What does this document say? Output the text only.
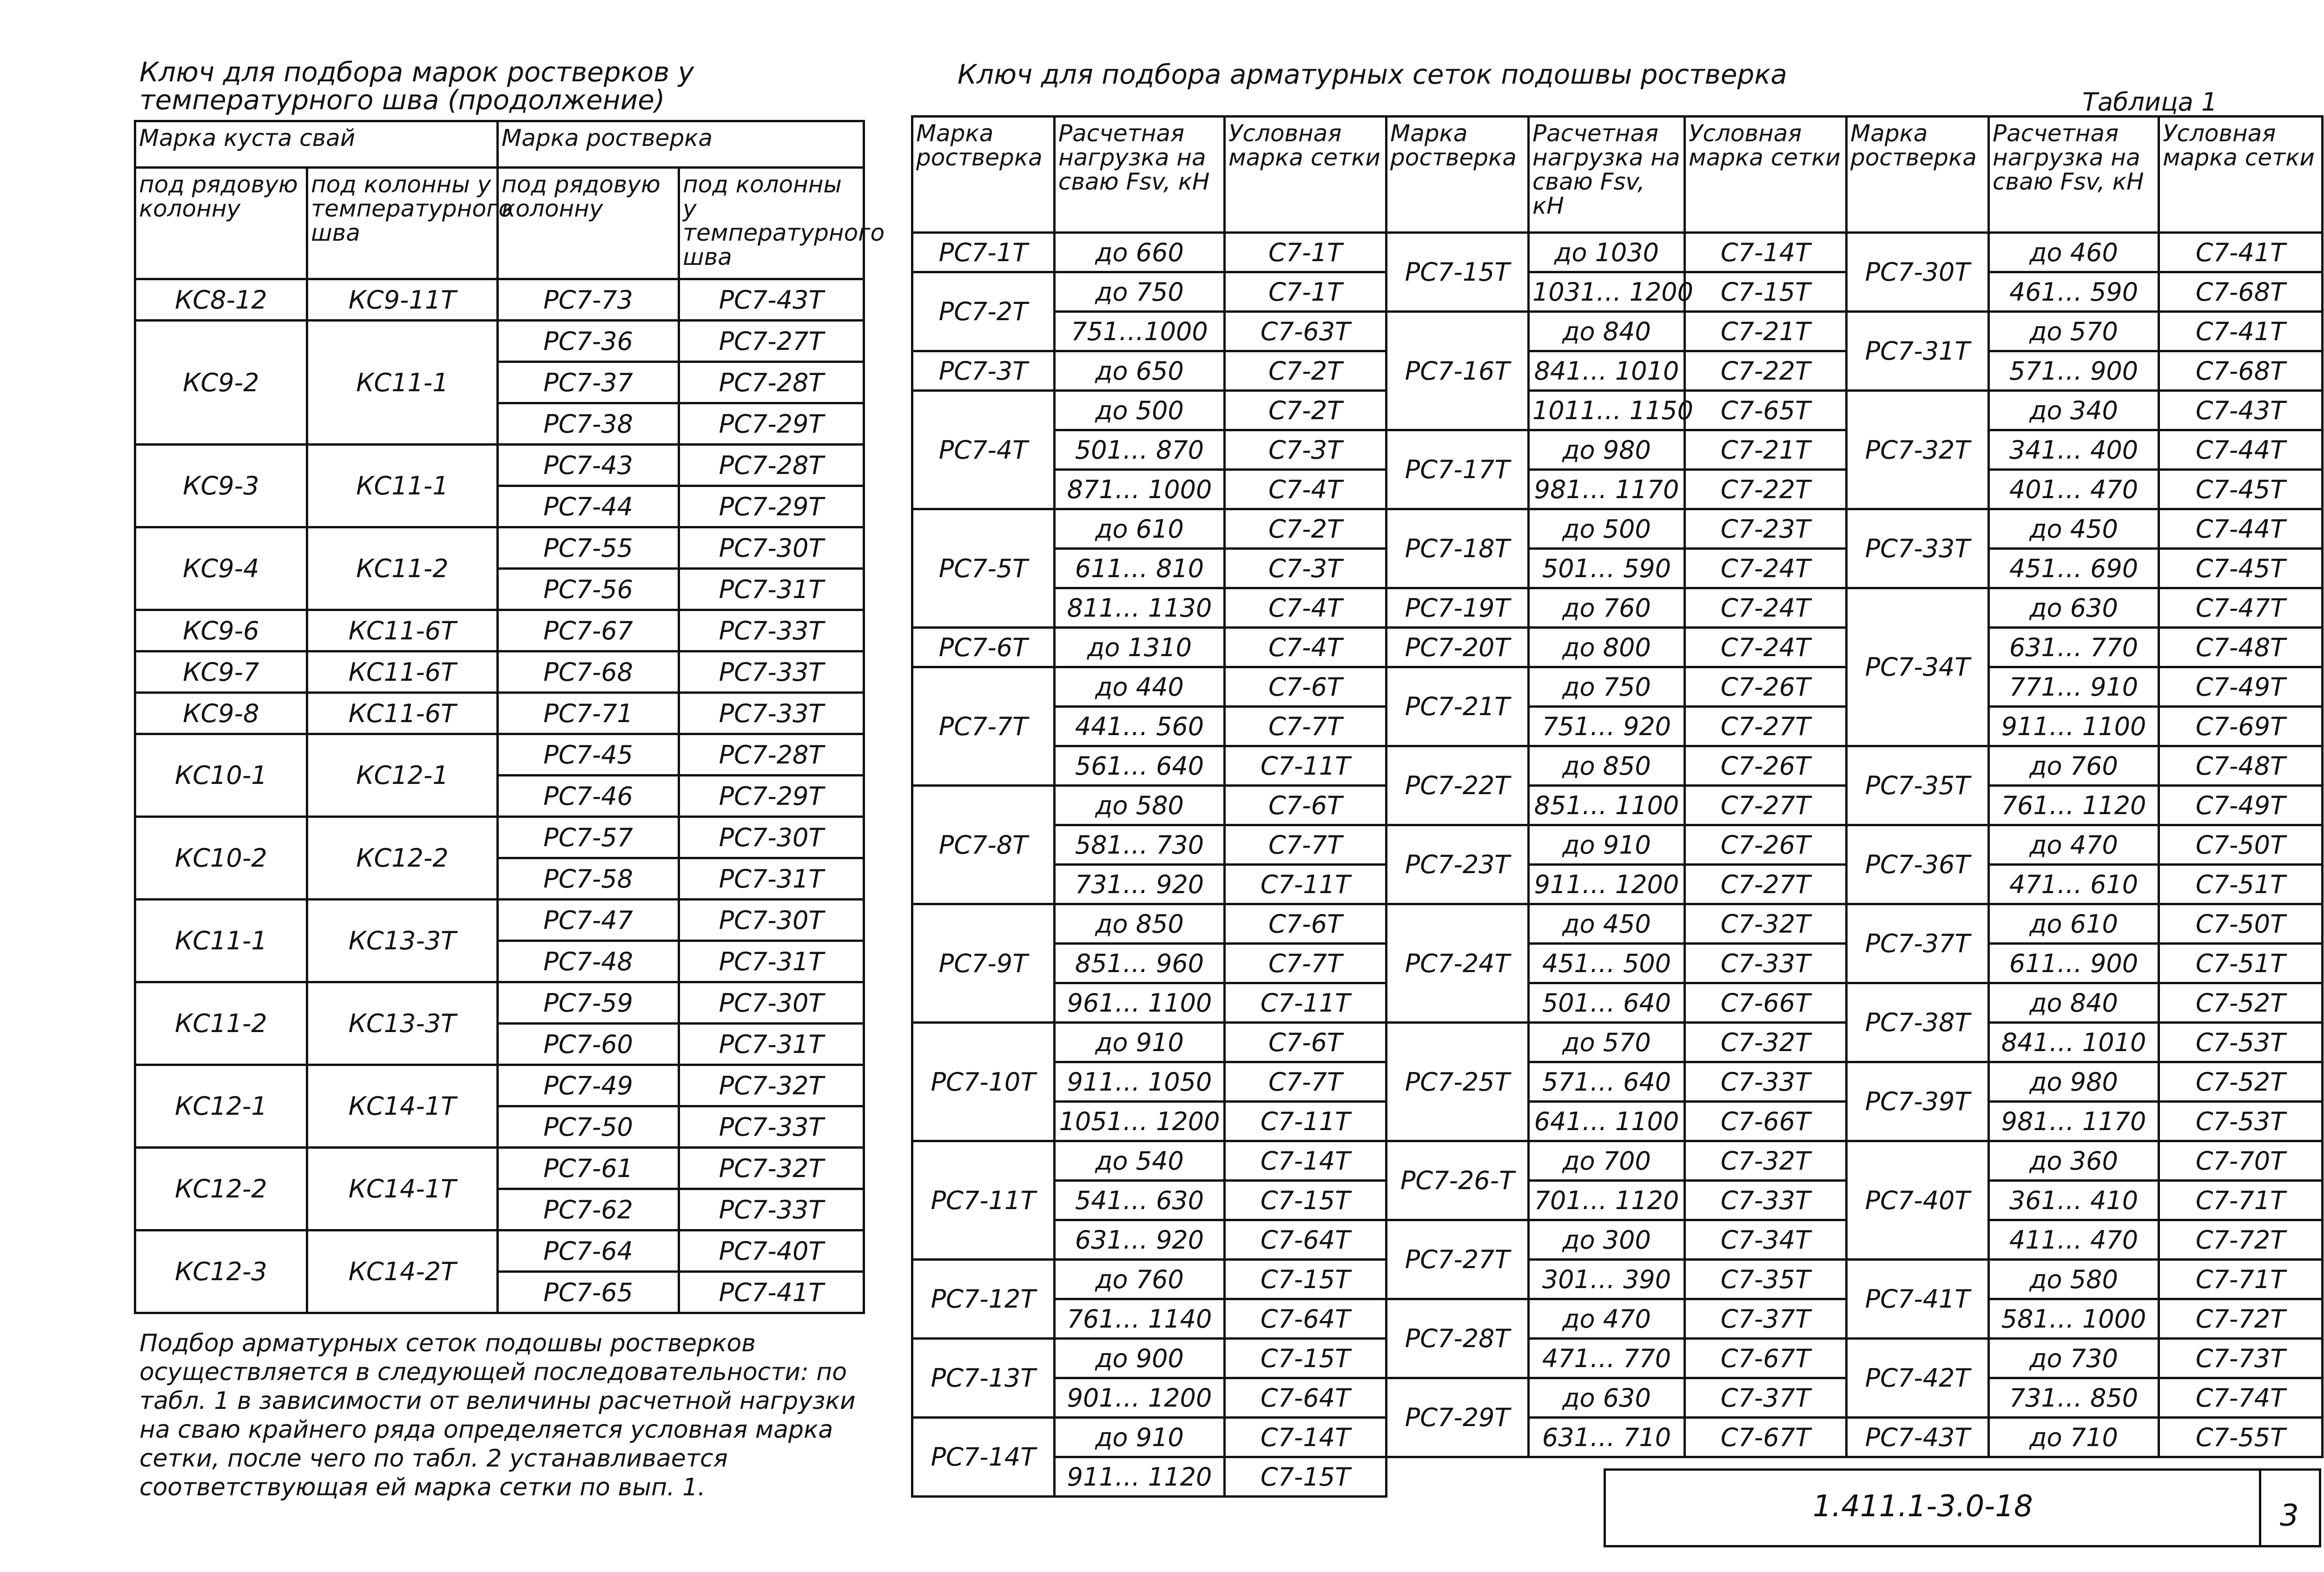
Ключ для подбора марок ростверков у температурного шва (продолжение)
Марка куста свай		Марка ростверка	
под рядовую колонну	под колонны у температурного шва	под рядовую колонну	под колонны у температурного шва
КС8-12	КС9-11Т	РС7-73	РС7-43Т
КС9-2	КС11-1	РС7-36	РС7-27Т
		РС7-37	РС7-28Т
		РС7-38	РС7-29Т
КС9-3	КС11-1	РС7-43	РС7-28Т
		РС7-44	РС7-29Т
КС9-4	КС11-2	РС7-55	РС7-30Т
		РС7-56	РС7-31Т
КС9-6	КС11-6Т	РС7-67	РС7-33Т
КС9-7	КС11-6Т	РС7-68	РС7-33Т
КС9-8	КС11-6Т	РС7-71	РС7-33Т
КС10-1	КС12-1	РС7-45	РС7-28Т
		РС7-46	РС7-29Т
КС10-2	КС12-2	РС7-57	РС7-30Т
		РС7-58	РС7-31Т
КС11-1	КС13-3Т	РС7-47	РС7-30Т
		РС7-48	РС7-31Т
КС11-2	КС13-3Т	РС7-59	РС7-30Т
		РС7-60	РС7-31Т
КС12-1	КС14-1Т	РС7-49	РС7-32Т
		РС7-50	РС7-33Т
КС12-2	КС14-1Т	РС7-61	РС7-32Т
		РС7-62	РС7-33Т
КС12-3	КС14-2Т	РС7-64	РС7-40Т
		РС7-65	РС7-41Т
Подбор арматурных сеток подошвы ростверков осуществляется в следующей последовательности: по табл. 1 в зависимости от величины расчетной нагрузки на сваю крайнего ряда определяется условная марка сетки, после чего по табл. 2 устанавливается соответствующая ей марка сетки по вып. 1.
Ключ для подбора арматурных сеток подошвы ростверка
Таблица 1
Марка ростверка	Расчетная нагрузка на сваю Fsv, кН	Условная марка сетки	Марка ростверка	Расчетная нагрузка на сваю Fsv, кН	Условная марка сетки	Марка ростверка	Расчетная нагрузка на сваю Fsv, кН	Условная марка сетки
РС7-1Т	до 660	С7-1Т	РС7-15Т	до 1030	С7-14Т	РС7-30Т	до 460	С7-41Т
РС7-2Т	до 750	С7-1Т		1031… 1200	С7-15Т		461… 590	С7-68Т
	751…1000	С7-63Т	РС7-16Т	до 840	С7-21Т	РС7-31Т	до 570	С7-41Т
РС7-3Т	до 650	С7-2Т		841… 1010	С7-22Т		571… 900	С7-68Т
РС7-4Т	до 500	С7-2Т		1011… 1150	С7-65Т	РС7-32Т	до 340	С7-43Т
	501… 870	С7-3Т	РС7-17Т	до 980	С7-21Т		341… 400	С7-44Т
	871… 1000	С7-4Т		981… 1170	С7-22Т		401… 470	С7-45Т
РС7-5Т	до 610	С7-2Т	РС7-18Т	до 500	С7-23Т	РС7-33Т	до 450	С7-44Т
	611… 810	С7-3Т		501… 590	С7-24Т		451… 690	С7-45Т
	811… 1130	С7-4Т	РС7-19Т	до 760	С7-24Т	РС7-34Т	до 630	С7-47Т
РС7-6Т	до 1310	С7-4Т	РС7-20Т	до 800	С7-24Т		631… 770	С7-48Т
РС7-7Т	до 440	С7-6Т	РС7-21Т	до 750	С7-26Т		771… 910	С7-49Т
	441… 560	С7-7Т		751… 920	С7-27Т		911… 1100	С7-69Т
	561… 640	С7-11Т	РС7-22Т	до 850	С7-26Т	РС7-35Т	до 760	С7-48Т
РС7-8Т	до 580	С7-6Т		851… 1100	С7-27Т		761… 1120	С7-49Т
	581… 730	С7-7Т	РС7-23Т	до 910	С7-26Т	РС7-36Т	до 470	С7-50Т
	731… 920	С7-11Т		911… 1200	С7-27Т		471… 610	С7-51Т
РС7-9Т	до 850	С7-6Т	РС7-24Т	до 450	С7-32Т	РС7-37Т	до 610	С7-50Т
	851… 960	С7-7Т		451… 500	С7-33Т		611… 900	С7-51Т
	961… 1100	С7-11Т		501… 640	С7-66Т	РС7-38Т	до 840	С7-52Т
РС7-10Т	до 910	С7-6Т	РС7-25Т	до 570	С7-32Т		841… 1010	С7-53Т
	911… 1050	С7-7Т		571… 640	С7-33Т	РС7-39Т	до 980	С7-52Т
	1051… 1200	С7-11Т		641… 1100	С7-66Т		981… 1170	С7-53Т
РС7-11Т	до 540	С7-14Т	РС7-26-Т	до 700	С7-32Т	РС7-40Т	до 360	С7-70Т
	541… 630	С7-15Т		701… 1120	С7-33Т		361… 410	С7-71Т
	631… 920	С7-64Т	РС7-27Т	до 300	С7-34Т		411… 470	С7-72Т
РС7-12Т	до 760	С7-15Т		301… 390	С7-35Т	РС7-41Т	до 580	С7-71Т
	761… 1140	С7-64Т	РС7-28Т	до 470	С7-37Т		581… 1000	С7-72Т
РС7-13Т	до 900	С7-15Т		471… 770	С7-67Т	РС7-42Т	до 730	С7-73Т
	901… 1200	С7-64Т	РС7-29Т	до 630	С7-37Т		731… 850	С7-74Т
РС7-14Т	до 910	С7-14Т		631… 710	С7-67Т	РС7-43Т	до 710	С7-55Т
	911… 1120	С7-15Т						
1.411.1-3.0-18	3
